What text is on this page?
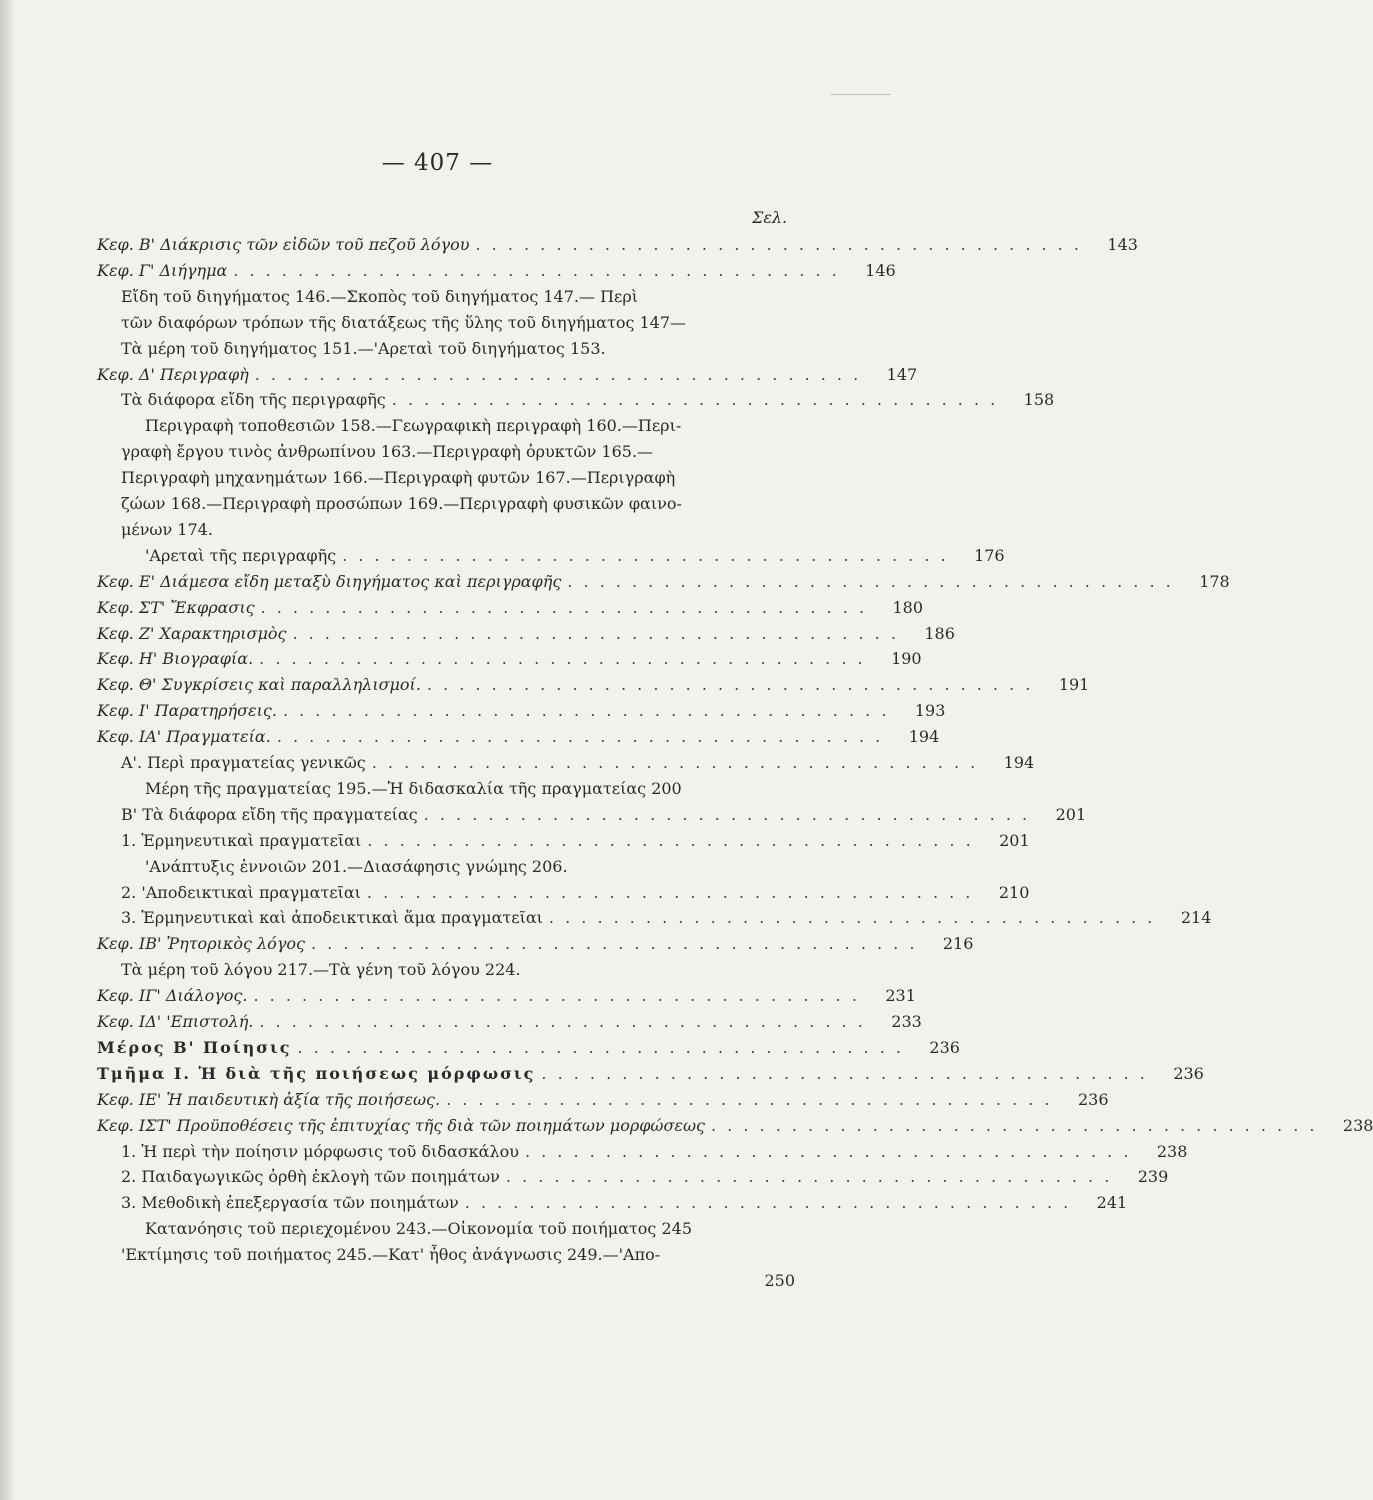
— 407 —
Σελ.
Κεφ. Β' Διάκρισις τῶν εἰδῶν τοῦ πεζοῦ λόγου . . . . . . . . . . . . . . . . . . . . . . . . . . . . . . . . . . . . . .	143
Κεφ. Γ' Διήγημα . . . . . . . . . . . . . . . . . . . . . . . . . . . . . . . . . . . . . .	146
Εἴδη τοῦ διηγήματος 146.—Σκοπὸς τοῦ διηγήματος 147.— Περὶ
τῶν διαφόρων τρόπων τῆς διατάξεως τῆς ὕλης τοῦ διηγήματος 147—
Τὰ μέρη τοῦ διηγήματος 151.—'Αρεταὶ τοῦ διηγήματος 153.
Κεφ. Δ' Περιγραφὴ . . . . . . . . . . . . . . . . . . . . . . . . . . . . . . . . . . . . . .	147
Τὰ διάφορα εἴδη τῆς περιγραφῆς . . . . . . . . . . . . . . . . . . . . . . . . . . . . . . . . . . . . . .	158
Περιγραφὴ τοποθεσιῶν 158.—Γεωγραφικὴ περιγραφὴ 160.—Περι-
γραφὴ ἔργου τινὸς ἀνθρωπίνου 163.—Περιγραφὴ ὀρυκτῶν 165.—
Περιγραφὴ μηχανημάτων 166.—Περιγραφὴ φυτῶν 167.—Περιγραφὴ
ζώων 168.—Περιγραφὴ προσώπων 169.—Περιγραφὴ φυσικῶν φαινο-
μένων 174.
'Αρεταὶ τῆς περιγραφῆς . . . . . . . . . . . . . . . . . . . . . . . . . . . . . . . . . . . . . .	176
Κεφ. Ε' Διάμεσα εἴδη μεταξὺ διηγήματος καὶ περιγραφῆς . . . . . . . . . . . . . . . . . . . . . . . . . . . . . . . . . . . . . .	178
Κεφ. ΣΤ' Ἔκφρασις . . . . . . . . . . . . . . . . . . . . . . . . . . . . . . . . . . . . . .	180
Κεφ. Ζ' Χαρακτηρισμὸς . . . . . . . . . . . . . . . . . . . . . . . . . . . . . . . . . . . . . .	186
Κεφ. Η' Βιογραφία. . . . . . . . . . . . . . . . . . . . . . . . . . . . . . . . . . . . . . .	190
Κεφ. Θ' Συγκρίσεις καὶ παραλληλισμοί. . . . . . . . . . . . . . . . . . . . . . . . . . . . . . . . . . . . . . .	191
Κεφ. Ι' Παρατηρήσεις. . . . . . . . . . . . . . . . . . . . . . . . . . . . . . . . . . . . . . .	193
Κεφ. ΙΑ' Πραγματεία. . . . . . . . . . . . . . . . . . . . . . . . . . . . . . . . . . . . . . .	194
Α'. Περὶ πραγματείας γενικῶς . . . . . . . . . . . . . . . . . . . . . . . . . . . . . . . . . . . . . .	194
Μέρη τῆς πραγματείας 195.—Ἡ διδασκαλία τῆς πραγματείας 200
Β' Τὰ διάφορα εἴδη τῆς πραγματείας . . . . . . . . . . . . . . . . . . . . . . . . . . . . . . . . . . . . . .	201
1. Ἑρμηνευτικαὶ πραγματεῖαι . . . . . . . . . . . . . . . . . . . . . . . . . . . . . . . . . . . . . .	201
'Ανάπτυξις ἐννοιῶν 201.—Διασάφησις γνώμης 206.
2. 'Αποδεικτικαὶ πραγματεῖαι . . . . . . . . . . . . . . . . . . . . . . . . . . . . . . . . . . . . . .	210
3. Ἑρμηνευτικαὶ καὶ ἀποδεικτικαὶ ἅμα πραγματεῖαι . . . . . . . . . . . . . . . . . . . . . . . . . . . . . . . . . . . . . .	214
Κεφ. ΙΒ' Ῥητορικὸς λόγος . . . . . . . . . . . . . . . . . . . . . . . . . . . . . . . . . . . . . .	216
Τὰ μέρη τοῦ λόγου 217.—Τὰ γένη τοῦ λόγου 224.
Κεφ. ΙΓ' Διάλογος. . . . . . . . . . . . . . . . . . . . . . . . . . . . . . . . . . . . . . .	231
Κεφ. ΙΔ' 'Επιστολή. . . . . . . . . . . . . . . . . . . . . . . . . . . . . . . . . . . . . . .	233
Μέρος Β' Ποίησις . . . . . . . . . . . . . . . . . . . . . . . . . . . . . . . . . . . . . .	236
Τμῆμα Ι. Ἡ διὰ τῆς ποιήσεως μόρφωσις . . . . . . . . . . . . . . . . . . . . . . . . . . . . . . . . . . . . . .	236
Κεφ. ΙΕ' Ἡ παιδευτικὴ ἀξία τῆς ποιήσεως. . . . . . . . . . . . . . . . . . . . . . . . . . . . . . . . . . . . . . .	236
Κεφ. ΙΣΤ' Προϋποθέσεις τῆς ἐπιτυχίας τῆς διὰ τῶν ποιημάτων μορφώσεως . . . . . . . . . . . . . . . . . . . . . . . . . . . . . . . . . . . . . .	238
1. Ἡ περὶ τὴν ποίησιν μόρφωσις τοῦ διδασκάλου . . . . . . . . . . . . . . . . . . . . . . . . . . . . . . . . . . . . . .	238
2. Παιδαγωγικῶς ὀρθὴ ἐκλογὴ τῶν ποιημάτων . . . . . . . . . . . . . . . . . . . . . . . . . . . . . . . . . . . . . .	239
3. Μεθοδικὴ ἐπεξεργασία τῶν ποιημάτων . . . . . . . . . . . . . . . . . . . . . . . . . . . . . . . . . . . . . .	241
Κατανόησις τοῦ περιεχομένου 243.—Οἰκονομία τοῦ ποιήματος 245
'Εκτίμησις τοῦ ποιήματος 245.—Κατ' ἦθος ἀνάγνωσις 249.—'Απο-
250
